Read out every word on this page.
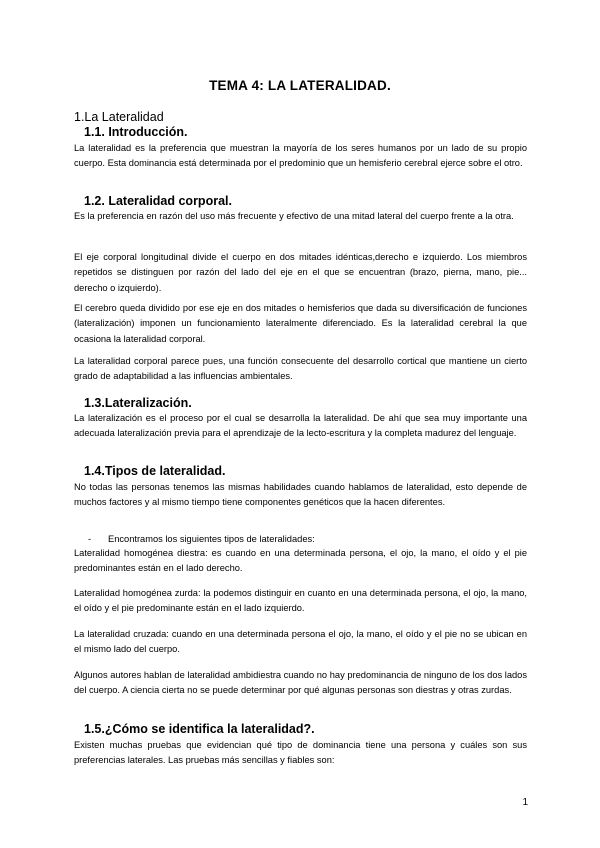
TEMA 4: LA LATERALIDAD.
1.La Lateralidad
1.1. Introducción.
La lateralidad es la preferencia que muestran la mayoría de los seres humanos por un lado de su propio cuerpo. Esta dominancia está determinada por el predominio que un hemisferio cerebral ejerce sobre el otro.
1.2. Lateralidad corporal.
Es la preferencia en razón del uso más frecuente y efectivo de una mitad lateral del cuerpo frente a la otra.
El eje corporal longitudinal divide el cuerpo en dos mitades idénticas,derecho e izquierdo. Los miembros repetidos se distinguen por razón del lado del eje en el que se encuentran (brazo, pierna, mano, pie... derecho o izquierdo).
El cerebro queda dividido por ese eje en dos mitades o hemisferios que dada su diversificación de funciones (lateralización) imponen un funcionamiento lateralmente diferenciado. Es la lateralidad cerebral la que ocasiona la lateralidad corporal.
La lateralidad corporal parece pues, una función consecuente del desarrollo cortical que mantiene un cierto grado de adaptabilidad a las influencias ambientales.
1.3.Lateralización.
La lateralización es el proceso por el cual se desarrolla la lateralidad. De ahí que sea muy importante una adecuada lateralización previa para el aprendizaje de la lecto-escritura y la completa madurez del lenguaje.
1.4.Tipos de lateralidad.
No todas las personas tenemos las mismas habilidades cuando hablamos de lateralidad, esto depende de muchos factores y al mismo tiempo tiene componentes genéticos que la hacen diferentes.
- Encontramos los siguientes tipos de lateralidades:
Lateralidad homogénea diestra: es cuando en una determinada persona, el ojo, la mano, el oído y el pie predominantes están en el lado derecho.
Lateralidad homogénea zurda: la podemos distinguir en cuanto en una determinada persona, el ojo, la mano, el oído y el pie predominante están en el lado izquierdo.
La lateralidad cruzada: cuando en una determinada persona el ojo, la mano, el oído y el pie no se ubican en el mismo lado del cuerpo.
Algunos autores hablan de lateralidad ambidiestra cuando no hay predominancia de ninguno de los dos lados del cuerpo. A ciencia cierta no se puede determinar por qué algunas personas son diestras y otras zurdas.
1.5.¿Cómo se identifica la lateralidad?.
Existen muchas pruebas que evidencian qué tipo de dominancia tiene una persona y cuáles son sus preferencias laterales. Las pruebas más sencillas y fiables son:
1
